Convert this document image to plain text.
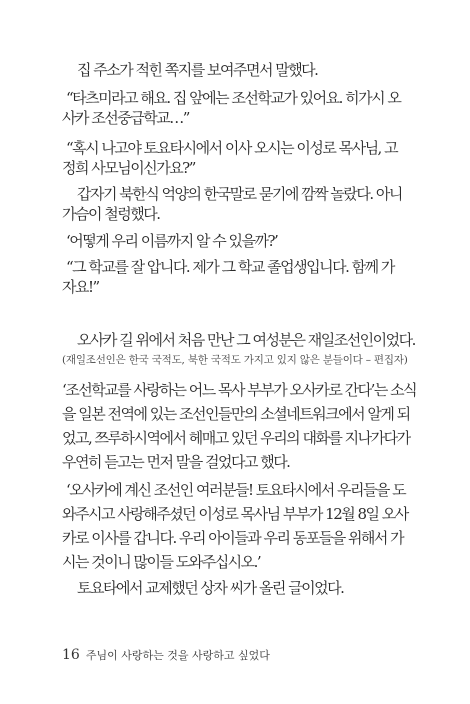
집 주소가 적힌 쪽지를 보여주면서 말했다.
“타츠미라고 해요. 집 앞에는 조선학교가 있어요. 히가시 오
사카 조선중급학교…”
“혹시 나고야 토요타시에서 이사 오시는 이성로 목사님, 고
정희 사모님이신가요?”
갑자기 북한식 억양의 한국말로 묻기에 깜짝 놀랐다. 아니
가슴이 철렁했다.
‘어떻게 우리 이름까지 알 수 있을까?’
“그 학교를 잘 압니다. 제가 그 학교 졸업생입니다. 함께 가
자요!”
오사카 길 위에서 처음 만난 그 여성분은 재일조선인이었다.
(재일조선인은 한국 국적도, 북한 국적도 가지고 있지 않은 분들이다 – 편집자)
‘조선학교를 사랑하는 어느 목사 부부가 오사카로 간다’는 소식
을 일본 전역에 있는 조선인들만의 소셜네트워크에서 알게 되
었고, 쯔루하시역에서 헤매고 있던 우리의 대화를 지나가다가
우연히 듣고는 먼저 말을 걸었다고 했다.
‘오사카에 계신 조선인 여러분들! 토요타시에서 우리들을 도
와주시고 사랑해주셨던 이성로 목사님 부부가 12월 8일 오사
카로 이사를 갑니다. 우리 아이들과 우리 동포들을 위해서 가
시는 것이니 많이들 도와주십시오.’
토요타에서 교제했던 상자 씨가 올린 글이었다.
16 주님이 사랑하는 것을 사랑하고 싶었다
